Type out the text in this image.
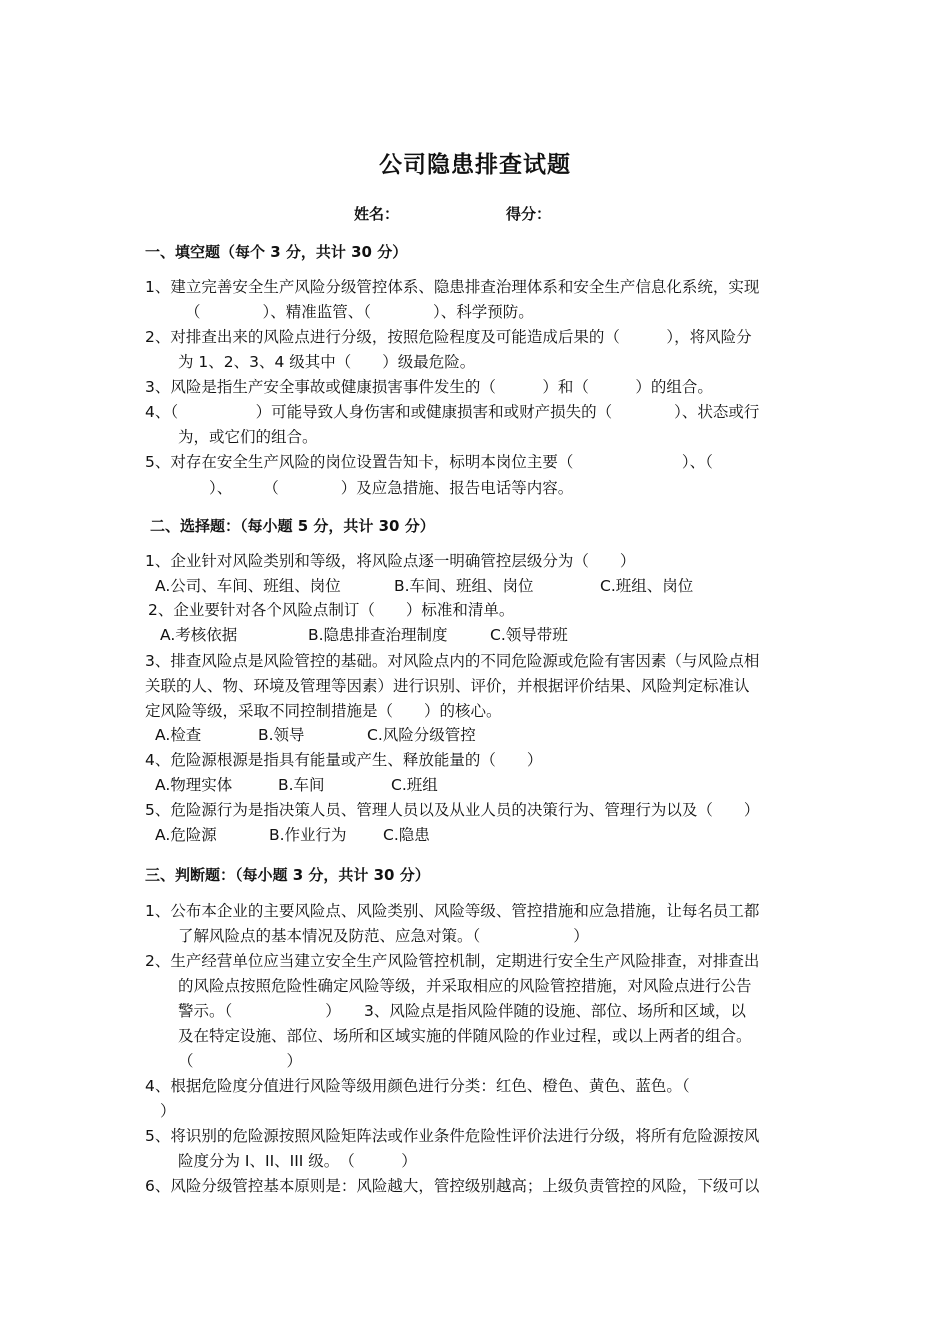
公司隐患排查试题
姓名：	得分：
一、填空题（每个 3 分，共计 30 分）
1、建立完善安全生产风险分级管控体系、隐患排查治理体系和安全生产信息化系统，实现
（　　　　）、精准监管、（　　　　）、科学预防。
2、对排查出来的风险点进行分级，按照危险程度及可能造成后果的（　　　），将风险分
为 1、2、3、4 级其中（　　）级最危险。
3、风险是指生产安全事故或健康损害事件发生的（　　　）和（　　　）的组合。
4、（　　　　　）可能导致人身伤害和或健康损害和或财产损失的（　　　　）、状态或行
为，或它们的组合。
5、对存在安全生产风险的岗位设置告知卡，标明本岗位主要（　　　　　　　）、（
　　）、　　　（　　　　）及应急措施、报告电话等内容。
二、选择题：（每小题 5 分，共计 30 分）
1、企业针对风险类别和等级，将风险点逐一明确管控层级分为（　　）
A.公司、车间、班组、岗位	B.车间、班组、岗位	C.班组、岗位
2、企业要针对各个风险点制订（　　）标准和清单。
A.考核依据	B.隐患排查治理制度	C.领导带班
3、排查风险点是风险管控的基础。对风险点内的不同危险源或危险有害因素（与风险点相
关联的人、物、环境及管理等因素）进行识别、评价，并根据评价结果、风险判定标准认
定风险等级，采取不同控制措施是（　　）的核心。
A.检查	B.领导	C.风险分级管控
4、危险源根源是指具有能量或产生、释放能量的（　　）
A.物理实体	B.车间	C.班组
5、危险源行为是指决策人员、管理人员以及从业人员的决策行为、管理行为以及（　　）
A.危险源	B.作业行为 C.隐患
三、判断题：（每小题 3 分，共计 30 分）
1、公布本企业的主要风险点、风险类别、风险等级、管控措施和应急措施，让每名员工都
了解风险点的基本情况及防范、应急对策。（　　　　　　）
2、生产经营单位应当建立安全生产风险管控机制，定期进行安全生产风险排查，对排查出
的风险点按照危险性确定风险等级，并采取相应的风险管控措施，对风险点进行公告
警示。（　　　　　　）　　3、风险点是指风险伴随的设施、部位、场所和区域，以
及在特定设施、部位、场所和区域实施的伴随风险的作业过程，或以上两者的组合。
（　　　　　　）
4、根据危险度分值进行风险等级用颜色进行分类：红色、橙色、黄色、蓝色。（
）
5、将识别的危险源按照风险矩阵法或作业条件危险性评价法进行分级，将所有危险源按风
险度分为 I、II、III 级。　（　　　）
6、风险分级管控基本原则是：风险越大，管控级别越高；上级负责管控的风险，下级可以
